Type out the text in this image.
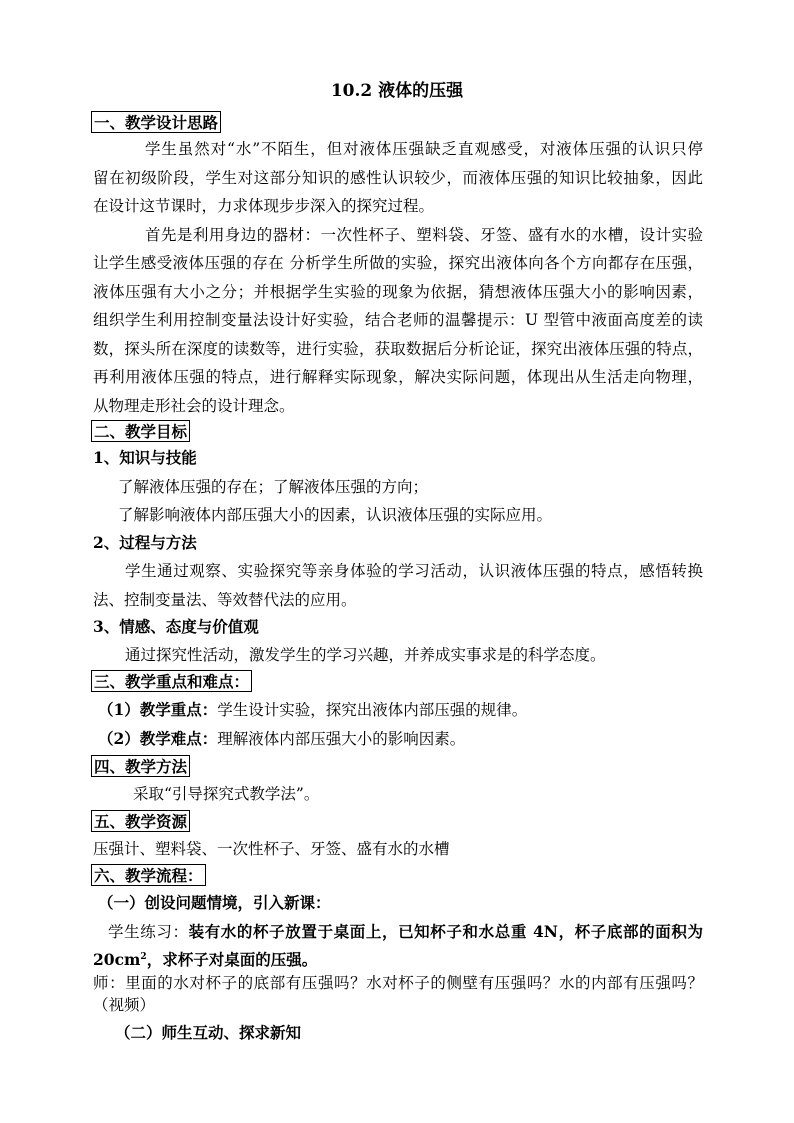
10.2 液体的压强
一、教学设计思路
学生虽然对“水”不陌生，但对液体压强缺乏直观感受，对液体压强的认识只停
留在初级阶段，学生对这部分知识的感性认识较少，而液体压强的知识比较抽象，因此
在设计这节课时，力求体现步步深入的探究过程。
首先是利用身边的器材：一次性杯子、塑料袋、牙签、盛有水的水槽，设计实验
让学生感受液体压强的存在 分析学生所做的实验，探究出液体向各个方向都存在压强，
液体压强有大小之分；并根据学生实验的现象为依据，猜想液体压强大小的影响因素，
组织学生利用控制变量法设计好实验，结合老师的温馨提示：U 型管中液面高度差的读
数，探头所在深度的读数等，进行实验，获取数据后分析论证，探究出液体压强的特点，
再利用液体压强的特点，进行解释实际现象，解决实际问题，体现出从生活走向物理，
从物理走形社会的设计理念。
二、教学目标
1、知识与技能
了解液体压强的存在；了解液体压强的方向；
了解影响液体内部压强大小的因素，认识液体压强的实际应用。
2、过程与方法
学生通过观察、实验探究等亲身体验的学习活动，认识液体压强的特点，感悟转换
法、控制变量法、等效替代法的应用。
3、情感、态度与价值观
通过探究性活动，激发学生的学习兴趣，并养成实事求是的科学态度。
三、教学重点和难点：
（1）教学重点：学生设计实验，探究出液体内部压强的规律。
（2）教学难点：理解液体内部压强大小的影响因素。
四、教学方法
采取“引导探究式教学法”。
五、教学资源
压强计、塑料袋、一次性杯子、牙签、盛有水的水槽
六、教学流程：
（一）创设问题情境，引入新课：
学生练习：装有水的杯子放置于桌面上，已知杯子和水总重 4N，杯子底部的面积为
$20cm^2$，求杯子对桌面的压强。
师：里面的水对杯子的底部有压强吗？水对杯子的侧壁有压强吗？水的内部有压强吗？
（视频）
（二）师生互动、探求新知
